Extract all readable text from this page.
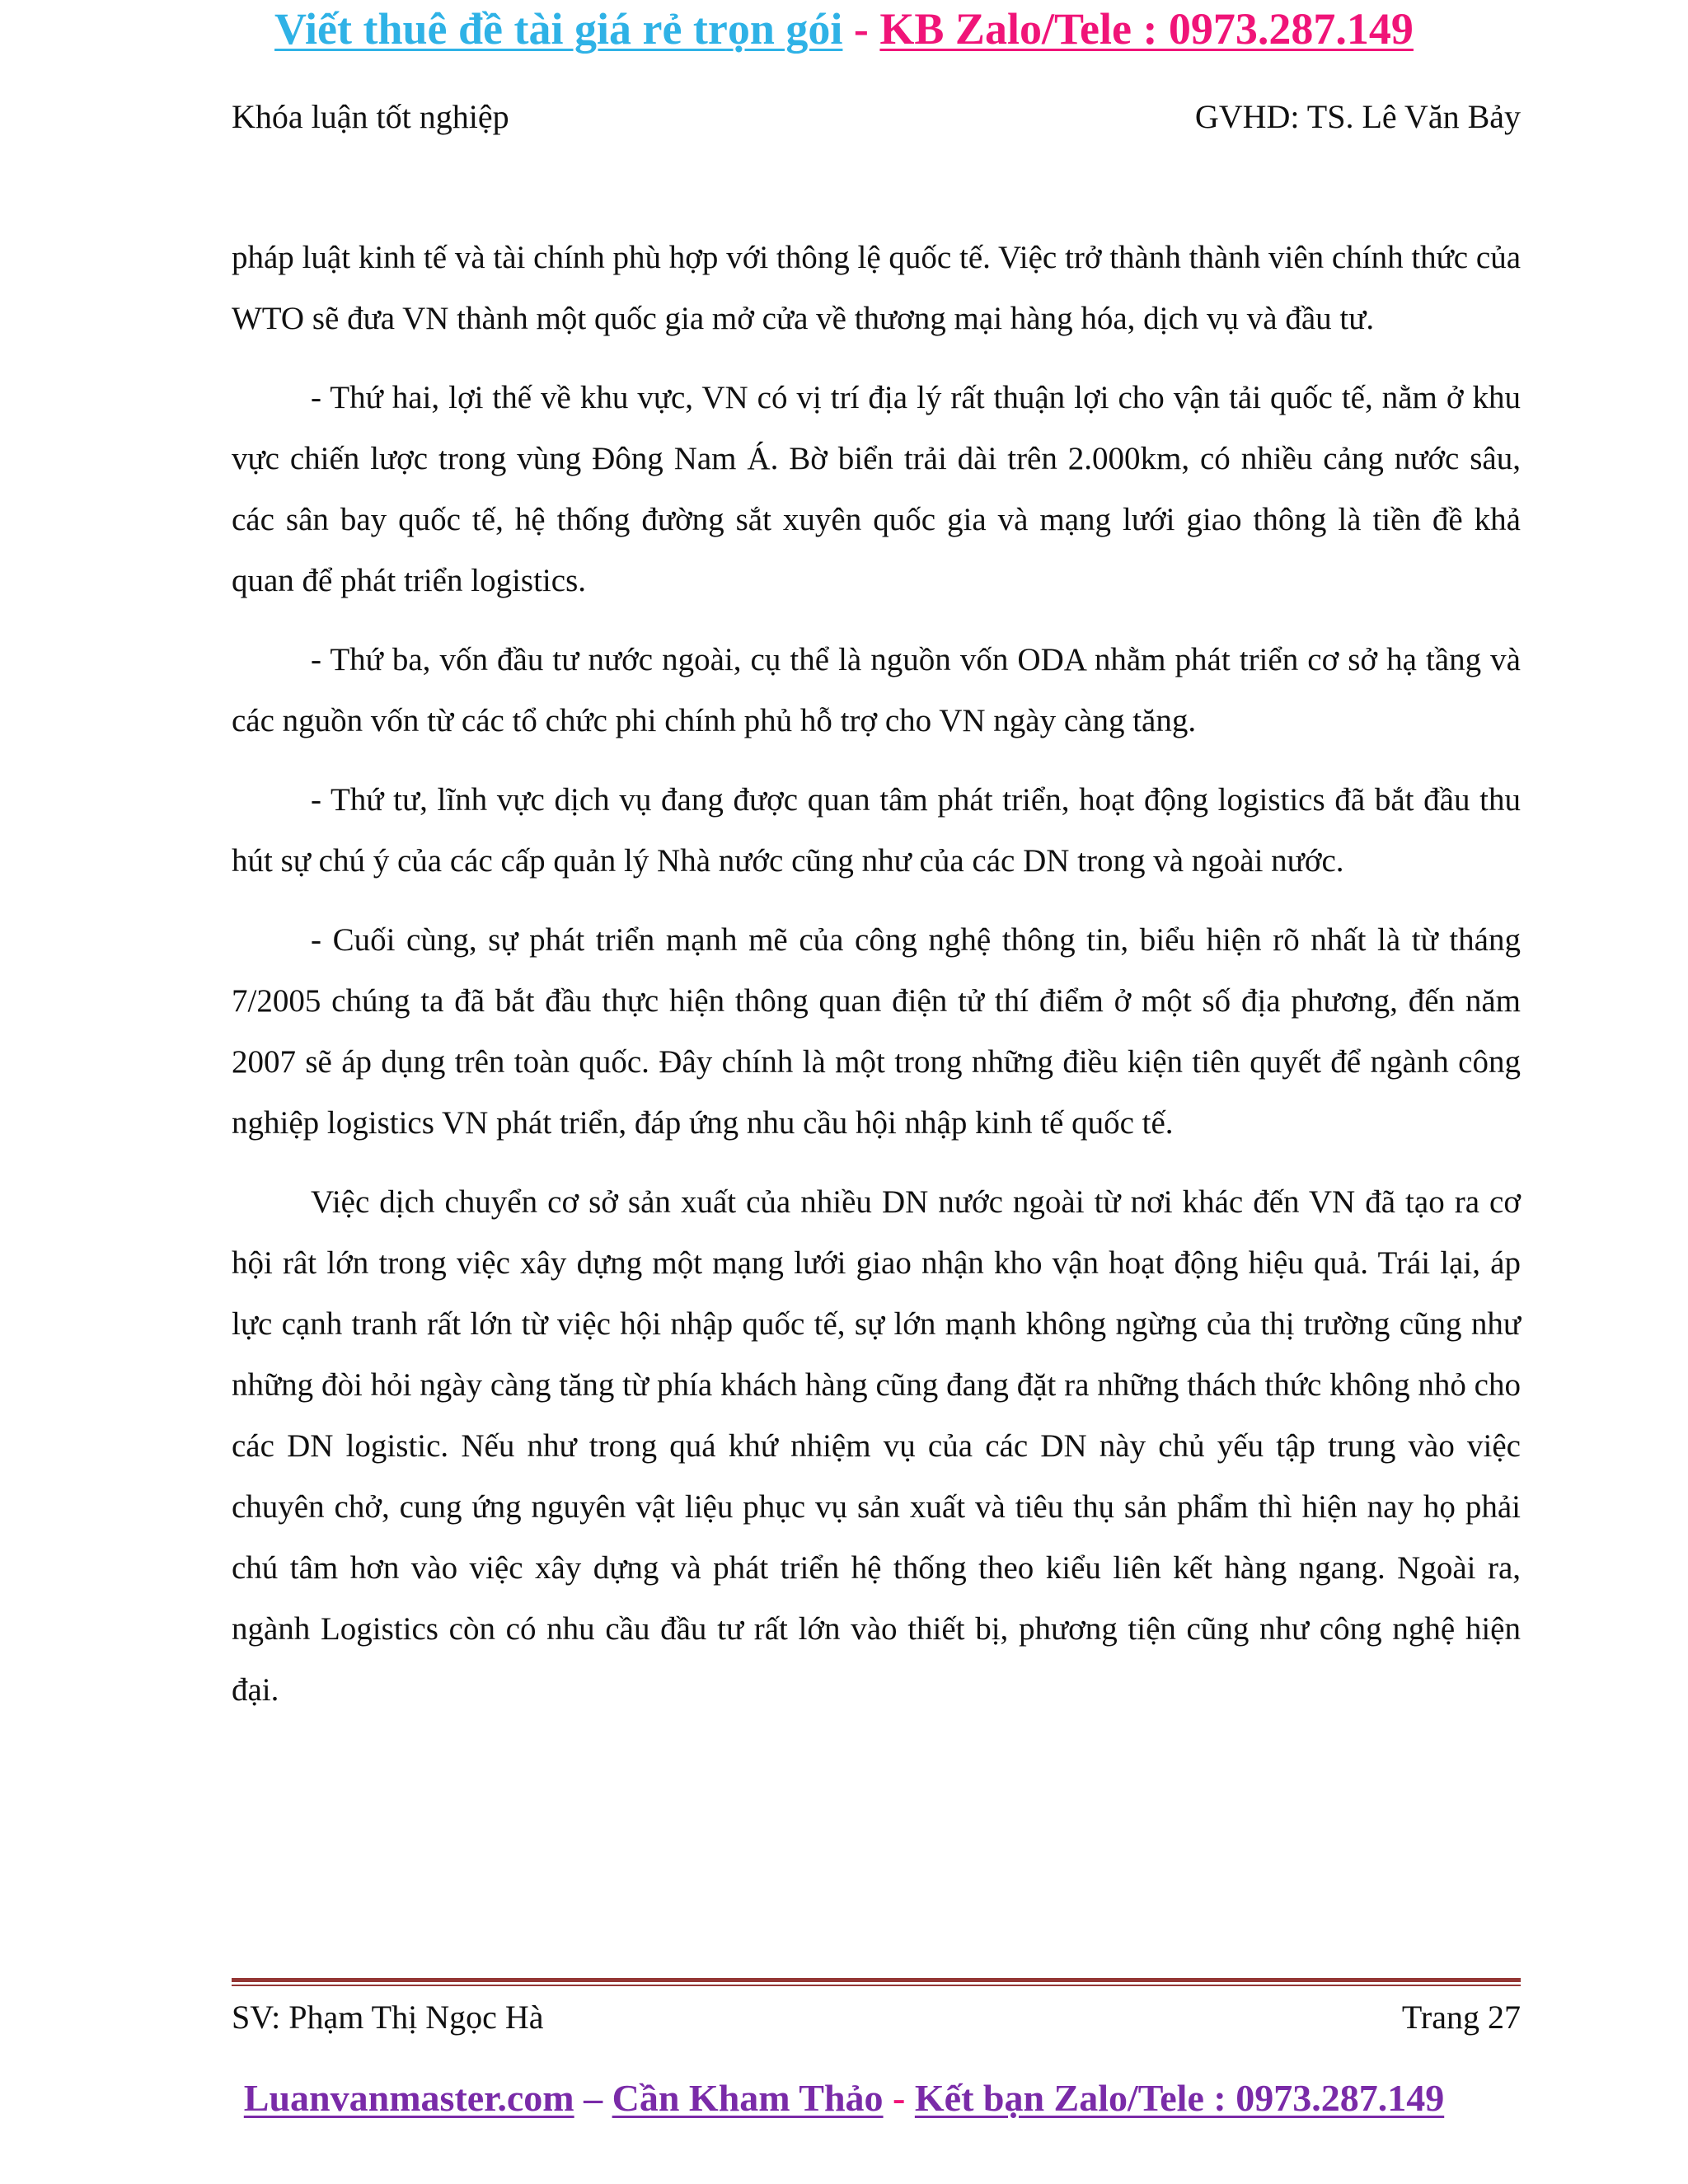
Viết thuê đề tài giá rẻ trọn gói - KB Zalo/Tele : 0973.287.149
Khóa luận tốt nghiệp	GVHD: TS. Lê Văn Bảy

pháp luật kinh tế và tài chính phù hợp với thông lệ quốc tế. Việc trở thành thành viên chính thức của WTO sẽ đưa VN thành một quốc gia mở cửa về thương mại hàng hóa, dịch vụ và đầu tư.

- Thứ hai, lợi thế về khu vực, VN có vị trí địa lý rất thuận lợi cho vận tải quốc tế, nằm ở khu vực chiến lược trong vùng Đông Nam Á. Bờ biển trải dài trên 2.000km, có nhiều cảng nước sâu, các sân bay quốc tế, hệ thống đường sắt xuyên quốc gia và mạng lưới giao thông là tiền đề khả quan để phát triển logistics.

- Thứ ba, vốn đầu tư nước ngoài, cụ thể là nguồn vốn ODA nhằm phát triển cơ sở hạ tầng và các nguồn vốn từ các tổ chức phi chính phủ hỗ trợ cho VN ngày càng tăng.

- Thứ tư, lĩnh vực dịch vụ đang được quan tâm phát triển, hoạt động logistics đã bắt đầu thu hút sự chú ý của các cấp quản lý Nhà nước cũng như của các DN trong và ngoài nước.

- Cuối cùng, sự phát triển mạnh mẽ của công nghệ thông tin, biểu hiện rõ nhất là từ tháng 7/2005 chúng ta đã bắt đầu thực hiện thông quan điện tử thí điểm ở một số địa phương, đến năm 2007 sẽ áp dụng trên toàn quốc. Đây chính là một trong những điều kiện tiên quyết để ngành công nghiệp logistics VN phát triển, đáp ứng nhu cầu hội nhập kinh tế quốc tế.

Việc dịch chuyển cơ sở sản xuất của nhiều DN nước ngoài từ nơi khác đến VN đã tạo ra cơ hội rât lớn trong việc xây dựng một mạng lưới giao nhận kho vận hoạt động hiệu quả. Trái lại, áp lực cạnh tranh rất lớn từ việc hội nhập quốc tế, sự lớn mạnh không ngừng của thị trường cũng như những đòi hỏi ngày càng tăng từ phía khách hàng cũng đang đặt ra những thách thức không nhỏ cho các DN logistic. Nếu như trong quá khứ nhiệm vụ của các DN này chủ yếu tập trung vào việc chuyên chở, cung ứng nguyên vật liệu phục vụ sản xuất và tiêu thụ sản phẩm thì hiện nay họ phải chú tâm hơn vào việc xây dựng và phát triển hệ thống theo kiểu liên kết hàng ngang. Ngoài ra, ngành Logistics còn có nhu cầu đầu tư rất lớn vào thiết bị, phương tiện cũng như công nghệ hiện đại.

SV: Phạm Thị Ngọc Hà	Trang 27
Luanvanmaster.com – Cần Kham Thảo - Kết bạn Zalo/Tele : 0973.287.149
